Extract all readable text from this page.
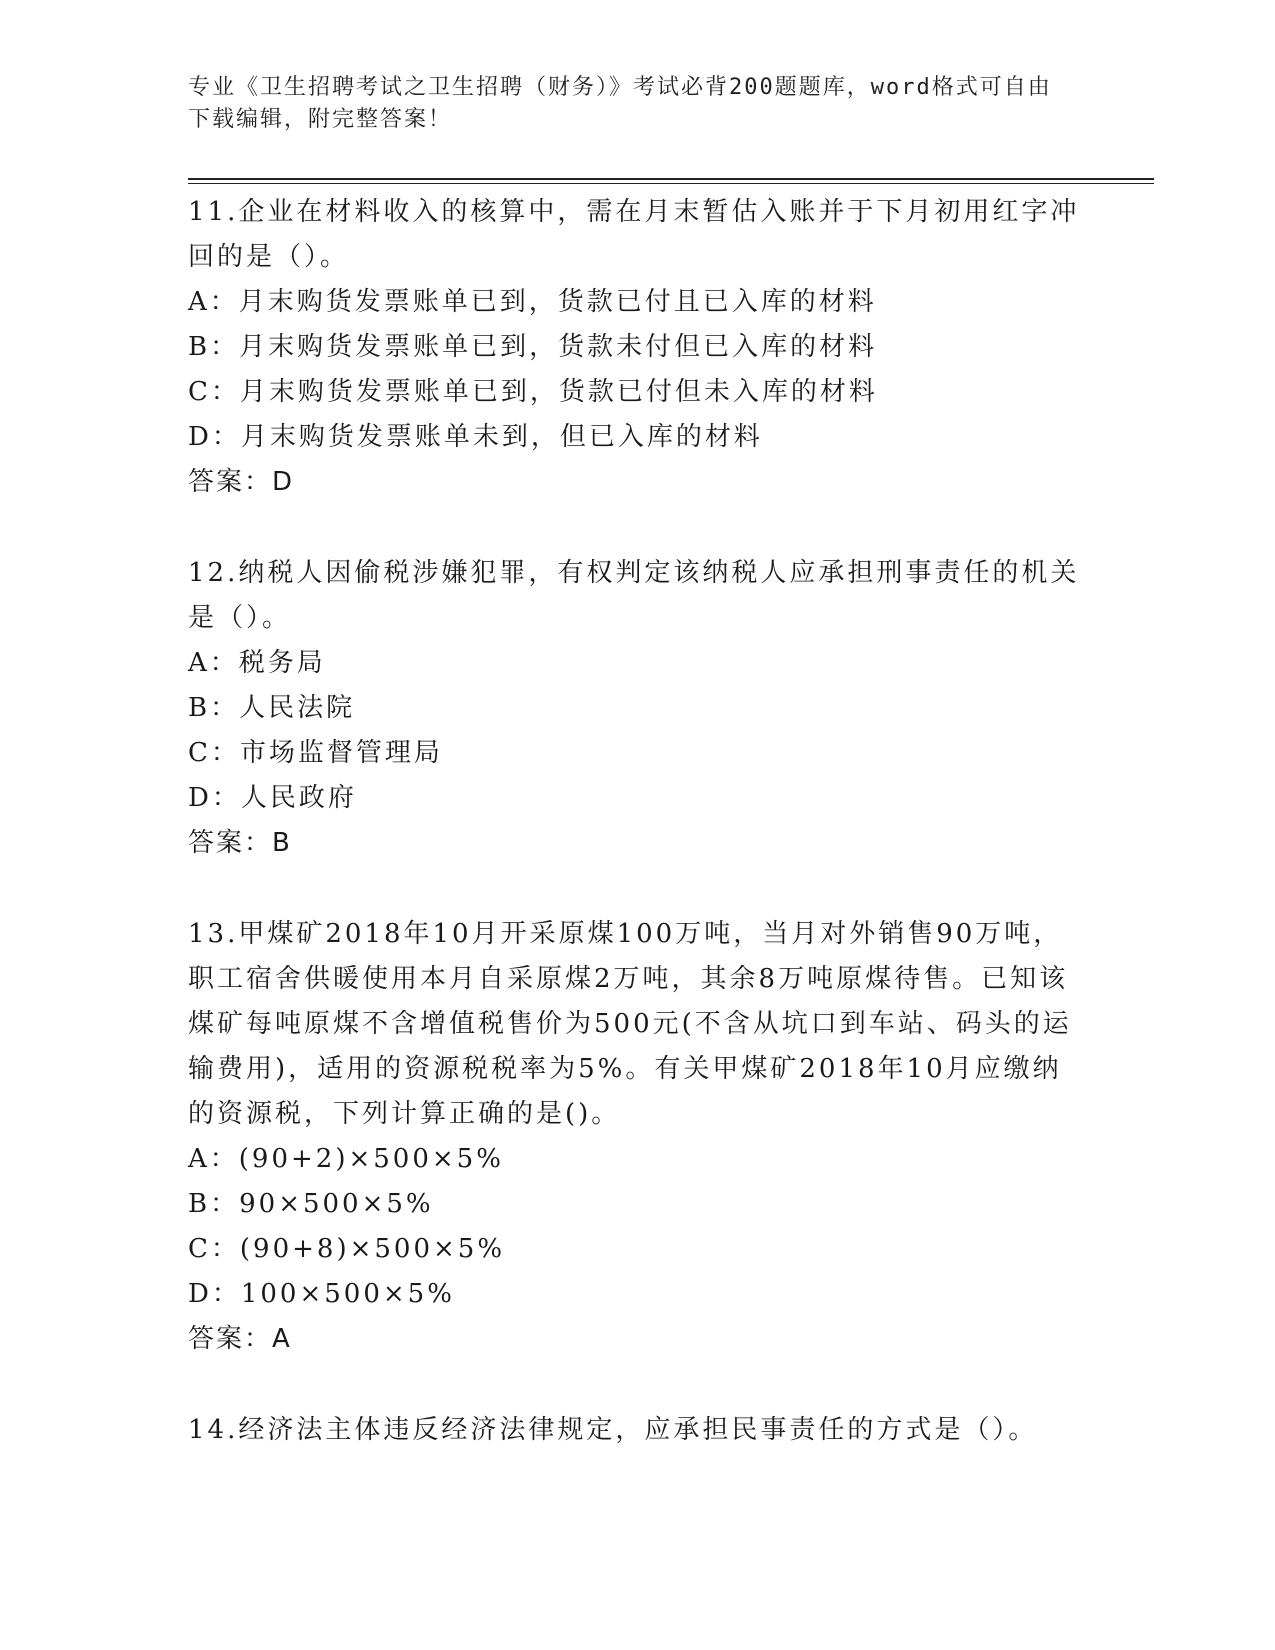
专业《卫生招聘考试之卫生招聘（财务）》考试必背200题题库，word格式可自由下载编辑，附完整答案！

11.企业在材料收入的核算中，需在月末暂估入账并于下月初用红字冲回的是（）。

A：月末购货发票账单已到，货款已付且已入库的材料

B：月末购货发票账单已到，货款未付但已入库的材料

C：月末购货发票账单已到，货款已付但未入库的材料

D：月末购货发票账单未到，但已入库的材料

答案：D

12.纳税人因偷税涉嫌犯罪，有权判定该纳税人应承担刑事责任的机关是（）。

A：税务局

B：人民法院

C：市场监督管理局

D：人民政府

答案：B

13.甲煤矿2018年10月开采原煤100万吨，当月对外销售90万吨，职工宿舍供暖使用本月自采原煤2万吨，其余8万吨原煤待售。已知该煤矿每吨原煤不含增值税售价为500元(不含从坑口到车站、码头的运输费用)，适用的资源税税率为5%。有关甲煤矿2018年10月应缴纳的资源税，下列计算正确的是()。

A：(90+2)×500×5%

B：90×500×5%

C：(90+8)×500×5%

D：100×500×5%

答案：A

14.经济法主体违反经济法律规定，应承担民事责任的方式是（）。
